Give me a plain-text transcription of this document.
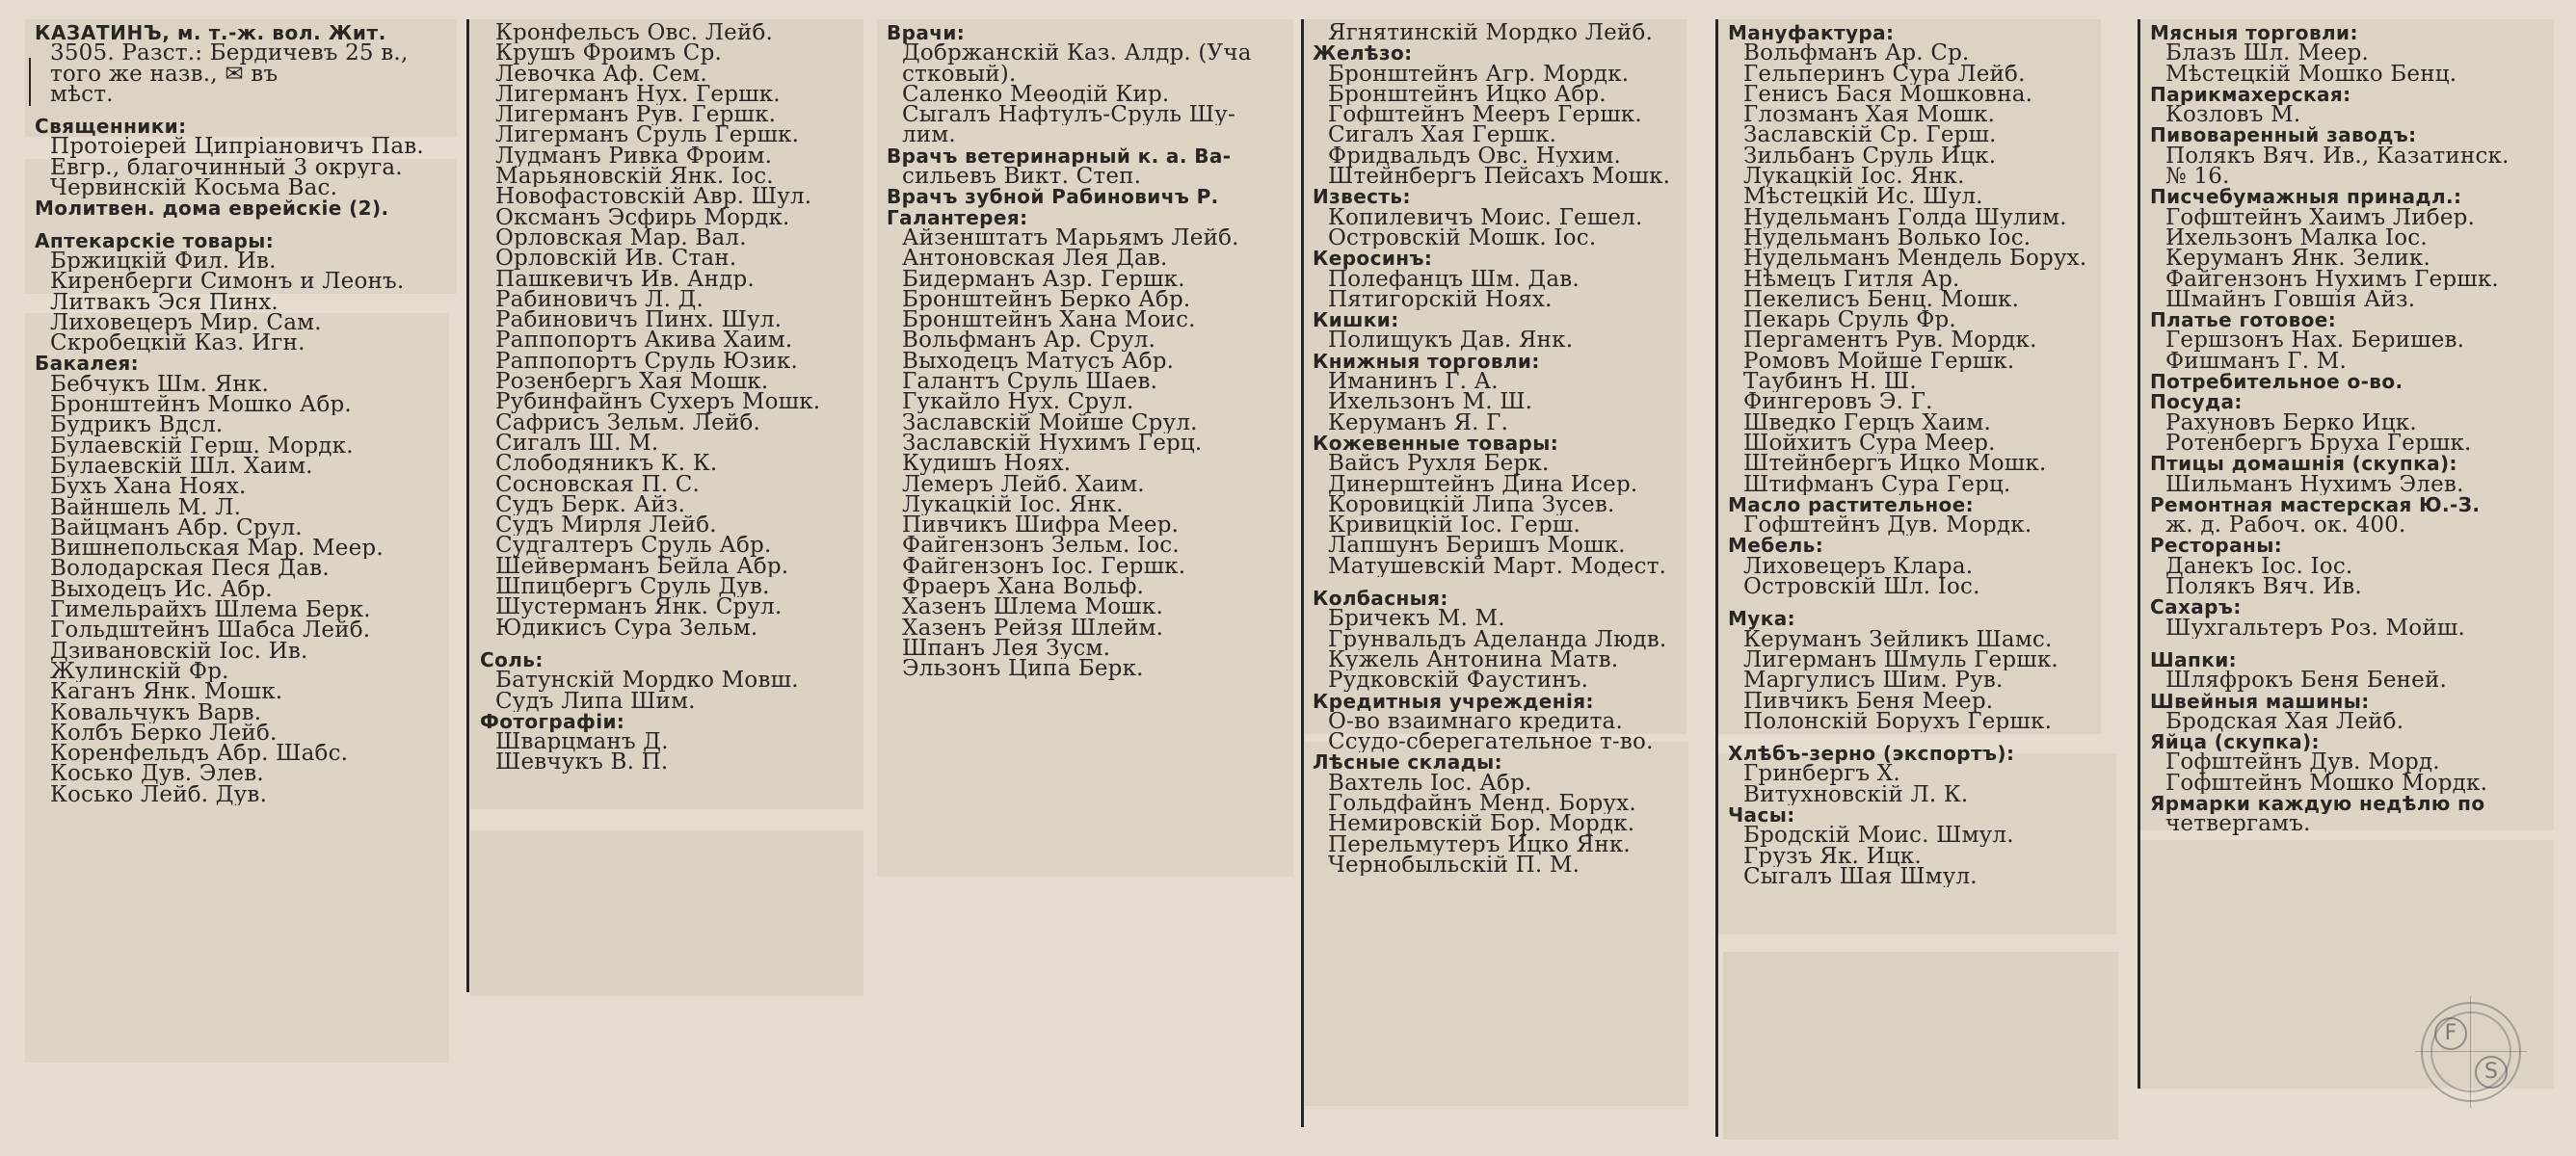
КАЗАТИНЪ, м. т.-ж. вол. Жит.
3505. Разст.: Бердичевъ 25 в.,
того же назв., ✉ въ
мѣст.
Священники:
Протоіерей Ципріановичъ Пав.
Евгр., благочинный 3 округа.
Червинскій Косьма Вас.
Молитвен. дома еврейскіе (2).
Аптекарскіе товары:
Бржицкій Фил. Ив.
Киренберги Симонъ и Леонъ.
Литвакъ Эся Пинх.
Лиховецеръ Мир. Сам.
Скробецкій Каз. Игн.
Бакалея:
Бебчукъ Шм. Янк.
Бронштейнъ Мошко Абр.
Будрикъ Вдсл.
Булаевскій Герш. Мордк.
Булаевскій Шл. Хаим.
Бухъ Хана Ноях.
Вайншель М. Л.
Вайцманъ Абр. Срул.
Вишнепольская Мар. Меер.
Володарская Песя Дав.
Выходецъ Ис. Абр.
Гимельрайхъ Шлема Берк.
Гольдштейнъ Шабса Лейб.
Дзивановскій Іос. Ив.
Жулинскій Фр.
Каганъ Янк. Мошк.
Ковальчукъ Варв.
Колбъ Берко Лейб.
Коренфельдъ Абр. Шабс.
Косько Дув. Элев.
Косько Лейб. Дув.
Кронфельсъ Овс. Лейб.
Крушъ Фроимъ Ср.
Левочка Аф. Сем.
Лигерманъ Нух. Гершк.
Лигерманъ Рув. Гершк.
Лигерманъ Сруль Гершк.
Лудманъ Ривка Фроим.
Марьяновскій Янк. Іос.
Новофастовскій Авр. Шул.
Оксманъ Эсфирь Мордк.
Орловская Мар. Вал.
Орловскій Ив. Стан.
Пашкевичъ Ив. Андр.
Рабиновичъ Л. Д.
Рабиновичъ Пинх. Шул.
Раппопортъ Акива Хаим.
Раппопортъ Сруль Юзик.
Розенбергъ Хая Мошк.
Рубинфайнъ Сухеръ Мошк.
Сафрисъ Зельм. Лейб.
Сигалъ Ш. М.
Слободяникъ К. К.
Сосновская П. С.
Судъ Берк. Айз.
Судъ Мирля Лейб.
Судгалтеръ Сруль Абр.
Шейверманъ Бейла Абр.
Шпицбергъ Сруль Дув.
Шустерманъ Янк. Срул.
Юдикисъ Сура Зельм.
Соль:
Батунскій Мордко Мовш.
Судъ Липа Шим.
Фотографіи:
Шварцманъ Д.
Шевчукъ В. П.
Врачи:
Добржанскій Каз. Алдр. (Уча
стковый).
Саленко Меѳодій Кир.
Сыгалъ Нафтулъ-Сруль Шу-
лим.
Врачъ ветеринарный к. а. Ва-
сильевъ Викт. Степ.
Врачъ зубной Рабиновичъ Р.
Галантерея:
Айзенштатъ Марьямъ Лейб.
Антоновская Лея Дав.
Бидерманъ Азр. Гершк.
Бронштейнъ Берко Абр.
Бронштейнъ Хана Моис.
Вольфманъ Ар. Срул.
Выходецъ Матусъ Абр.
Галантъ Сруль Шаев.
Гукайло Нух. Срул.
Заславскій Мойше Срул.
Заславскій Нухимъ Герц.
Кудишъ Ноях.
Лемеръ Лейб. Хаим.
Лукацкій Іос. Янк.
Пивчикъ Шифра Меер.
Файгензонъ Зельм. Іос.
Файгензонъ Іос. Гершк.
Фраеръ Хана Вольф.
Хазенъ Шлема Мошк.
Хазенъ Рейзя Шлейм.
Шпанъ Лея Зусм.
Эльзонъ Ципа Берк.
Ягнятинскій Мордко Лейб.
Желѣзо:
Бронштейнъ Агр. Мордк.
Бронштейнъ Ицко Абр.
Гофштейнъ Мееръ Гершк.
Сигалъ Хая Гершк.
Фридвальдъ Овс. Нухим.
Штейнбергъ Пейсахъ Мошк.
Известь:
Копилевичъ Моис. Гешел.
Островскій Мошк. Іос.
Керосинъ:
Полефанцъ Шм. Дав.
Пятигорскій Ноях.
Кишки:
Полищукъ Дав. Янк.
Книжныя торговли:
Иманинъ Г. А.
Ихельзонъ М. Ш.
Керуманъ Я. Г.
Кожевенные товары:
Вайсъ Рухля Берк.
Динерштейнъ Дина Исер.
Коровицкій Липа Зусев.
Кривицкій Іос. Герш.
Лапшунъ Беришъ Мошк.
Матушевскій Март. Модест.
Колбасныя:
Бричекъ М. М.
Грунвальдъ Аделанда Людв.
Кужель Антонина Матв.
Рудковскій Фаустинъ.
Кредитныя учрежденія:
О-во взаимнаго кредита.
Ссудо-сберегательное т-во.
Лѣсные склады:
Вахтель Іос. Абр.
Гольдфайнъ Менд. Борух.
Немировскій Бор. Мордк.
Перельмутеръ Ицко Янк.
Чернобыльскій П. М.
Мануфактура:
Вольфманъ Ар. Ср.
Гельперинъ Сура Лейб.
Генисъ Бася Мошковна.
Глозманъ Хая Мошк.
Заславскій Ср. Герш.
Зильбанъ Сруль Ицк.
Лукацкій Іос. Янк.
Мѣстецкій Ис. Шул.
Нудельманъ Голда Шулим.
Нудельманъ Волько Іос.
Нудельманъ Мендель Борух.
Нѣмецъ Гитля Ар.
Пекелисъ Бенц. Мошк.
Пекарь Сруль Фр.
Пергаментъ Рув. Мордк.
Ромовъ Мойше Гершк.
Таубинъ Н. Ш.
Фингеровъ Э. Г.
Шведко Герцъ Хаим.
Шойхитъ Сура Меер.
Штейнбергъ Ицко Мошк.
Штифманъ Сура Герц.
Масло растительное:
Гофштейнъ Дув. Мордк.
Мебель:
Лиховецеръ Клара.
Островскій Шл. Іос.
Мука:
Керуманъ Зейликъ Шамс.
Лигерманъ Шмуль Гершк.
Маргулисъ Шим. Рув.
Пивчикъ Беня Меер.
Полонскій Борухъ Гершк.
Хлѣбъ-зерно (экспортъ):
Гринбергъ Х.
Витухновскій Л. К.
Часы:
Бродскій Моис. Шмул.
Грузъ Як. Ицк.
Сыгалъ Шая Шмул.
Мясныя торговли:
Блазъ Шл. Меер.
Мѣстецкій Мошко Бенц.
Парикмахерская:
Козловъ М.
Пивоваренный заводъ:
Полякъ Вяч. Ив., Казатинск.
№ 16.
Писчебумажныя принадл.:
Гофштейнъ Хаимъ Либер.
Ихельзонъ Малка Іос.
Керуманъ Янк. Зелик.
Файгензонъ Нухимъ Гершк.
Шмайнъ Говшія Айз.
Платье готовое:
Гершзонъ Нах. Беришев.
Фишманъ Г. М.
Потребительное о-во.
Посуда:
Рахуновъ Берко Ицк.
Ротенбергъ Бруха Гершк.
Птицы домашнія (скупка):
Шильманъ Нухимъ Элев.
Ремонтная мастерская Ю.-З.
ж. д. Рабоч. ок. 400.
Рестораны:
Данекъ Іос. Іос.
Полякъ Вяч. Ив.
Сахаръ:
Шухгальтеръ Роз. Мойш.
Шапки:
Шляфрокъ Беня Беней.
Швейныя машины:
Бродская Хая Лейб.
Яйца (скупка):
Гофштейнъ Дув. Морд.
Гофштейнъ Мошко Мордк.
Ярмарки каждую недѣлю по
четвергамъ.
F
S
